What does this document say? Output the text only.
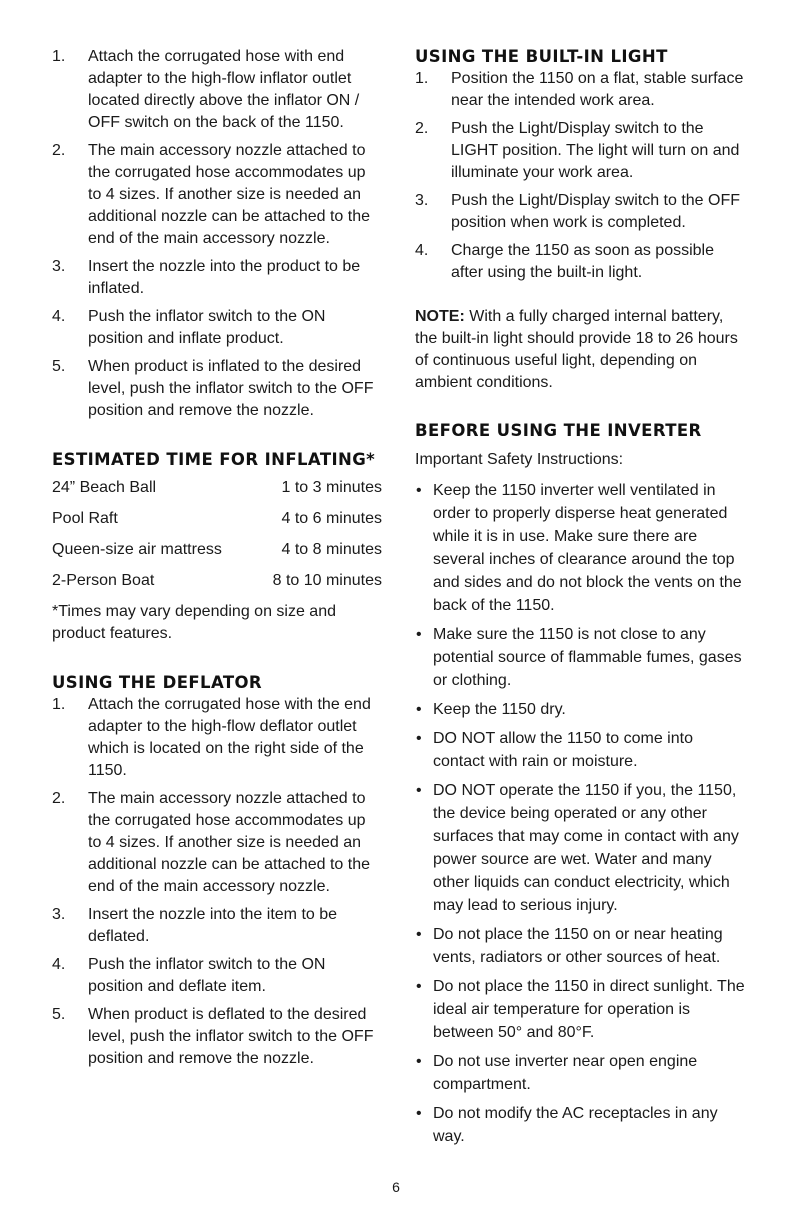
1. Attach the corrugated hose with end adapter to the high-flow inflator outlet located directly above the inflator ON / OFF switch on the back of the 1150.
2. The main accessory nozzle attached to the corrugated hose accommodates up to 4 sizes. If another size is needed an additional nozzle can be attached to the end of the main accessory nozzle.
3. Insert the nozzle into the product to be inflated.
4. Push the inflator switch to the ON position and inflate product.
5. When product is inflated to the desired level, push the inflator switch to the OFF position and remove the nozzle.
ESTIMATED TIME FOR INFLATING*
24” Beach Ball	1 to 3 minutes
Pool Raft	4 to 6 minutes
Queen-size air mattress	4 to 8 minutes
2-Person Boat	8 to 10 minutes

*Times may vary depending on size and product features.

USING THE DEFLATOR
1. Attach the corrugated hose with the end adapter to the high-flow deflator outlet which is located on the right side of the 1150.
2. The main accessory nozzle attached to the corrugated hose accommodates up to 4 sizes. If another size is needed an additional nozzle can be attached to the end of the main accessory nozzle.
3. Insert the nozzle into the item to be deflated.
4. Push the inflator switch to the ON position and deflate item.
5. When product is deflated to the desired level, push the inflator switch to the OFF position and remove the nozzle.
USING THE BUILT-IN LIGHT
1. Position the 1150 on a flat, stable surface near the intended work area.
2. Push the Light/Display switch to the LIGHT position. The light will turn on and illuminate your work area.
3. Push the Light/Display switch to the OFF position when work is completed.
4. Charge the 1150 as soon as possible after using the built-in light.

NOTE: With a fully charged internal battery, the built-in light should provide 18 to 26 hours of continuous useful light, depending on ambient conditions.

BEFORE USING THE INVERTER

Important Safety Instructions:

• Keep the 1150 inverter well ventilated in order to properly disperse heat generated while it is in use. Make sure there are several inches of clearance around the top and sides and do not block the vents on the back of the 1150.
• Make sure the 1150 is not close to any potential source of flammable fumes, gases or clothing.
• Keep the 1150 dry.
• DO NOT allow the 1150 to come into contact with rain or moisture.
• DO NOT operate the 1150 if you, the 1150, the device being operated or any other surfaces that may come in contact with any power source are wet. Water and many other liquids can conduct electricity, which may lead to serious injury.
• Do not place the 1150 on or near heating vents, radiators or other sources of heat.
• Do not place the 1150 in direct sunlight. The ideal air temperature for operation is between 50° and 80°F.
• Do not use inverter near open engine compartment.
• Do not modify the AC receptacles in any way.
6
